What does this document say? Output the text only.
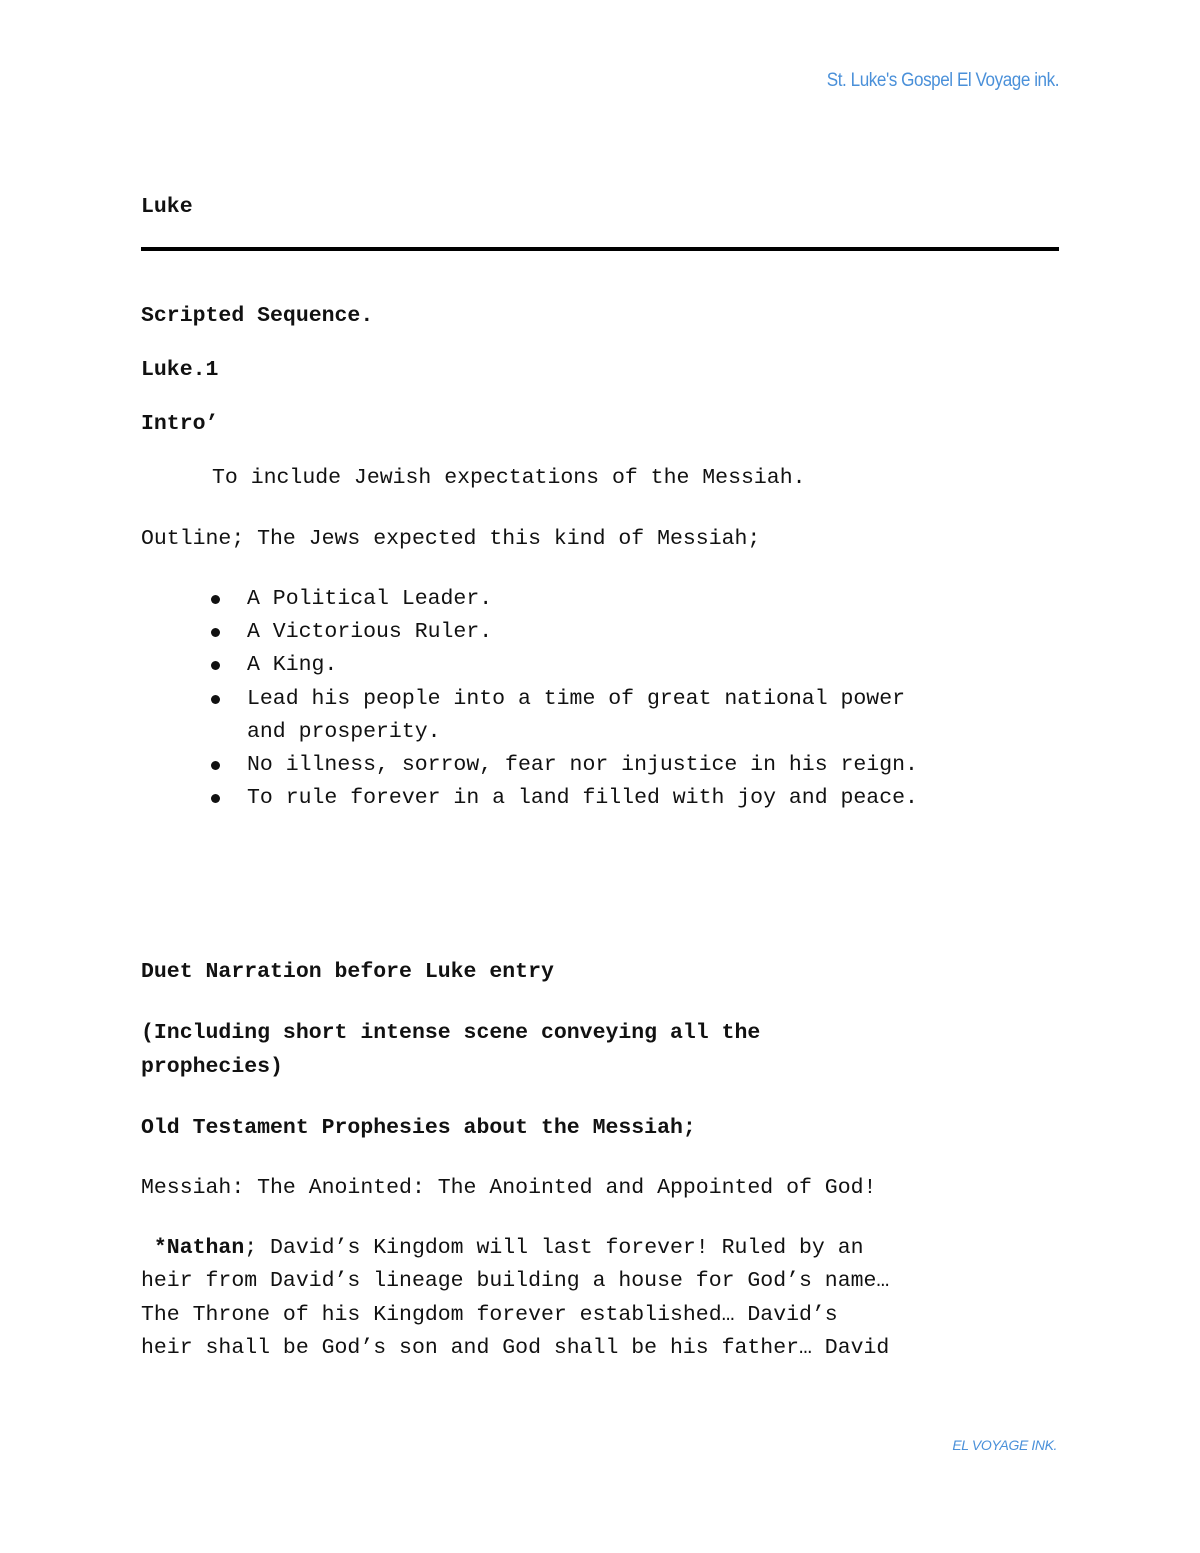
St. Luke's Gospel El Voyage ink.
Luke
Scripted Sequence.
Luke.1
Intro’
To include Jewish expectations of the Messiah.
Outline; The Jews expected this kind of Messiah;
A Political Leader.
A Victorious Ruler.
A King.
Lead his people into a time of great national power
and prosperity.
No illness, sorrow, fear nor injustice in his reign.
To rule forever in a land filled with joy and peace.
Duet Narration before Luke entry
(Including short intense scene conveying all the
prophecies)
Old Testament Prophesies about the Messiah;
Messiah: The Anointed: The Anointed and Appointed of God!
*Nathan; David’s Kingdom will last forever! Ruled by an
heir from David’s lineage building a house for God’s name…
The Throne of his Kingdom forever established… David’s
heir shall be God’s son and God shall be his father… David
EL VOYAGE INK.
